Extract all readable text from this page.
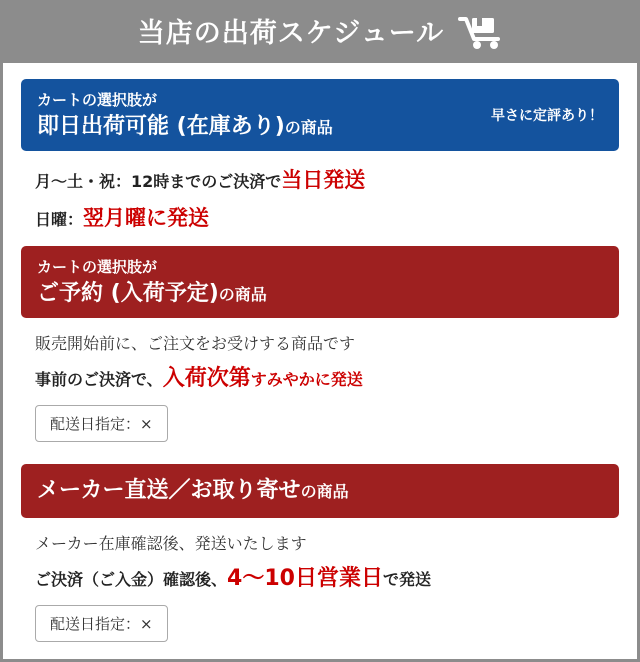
当店の出荷スケジュール
カートの選択肢が
即日出荷可能 (在庫あり)の商品
早さに定評あり！
月～土・祝：12時までのご決済で当日発送
日曜：翌月曜に発送
カートの選択肢が
ご予約 (入荷予定)の商品
販売開始前に、ご注文をお受けする商品です
事前のご決済で、入荷次第すみやかに発送
配送日指定：×
メーカー直送／お取り寄せの商品
メーカー在庫確認後、発送いたします
ご決済（ご入金）確認後、4～10日営業日で発送
配送日指定：×
